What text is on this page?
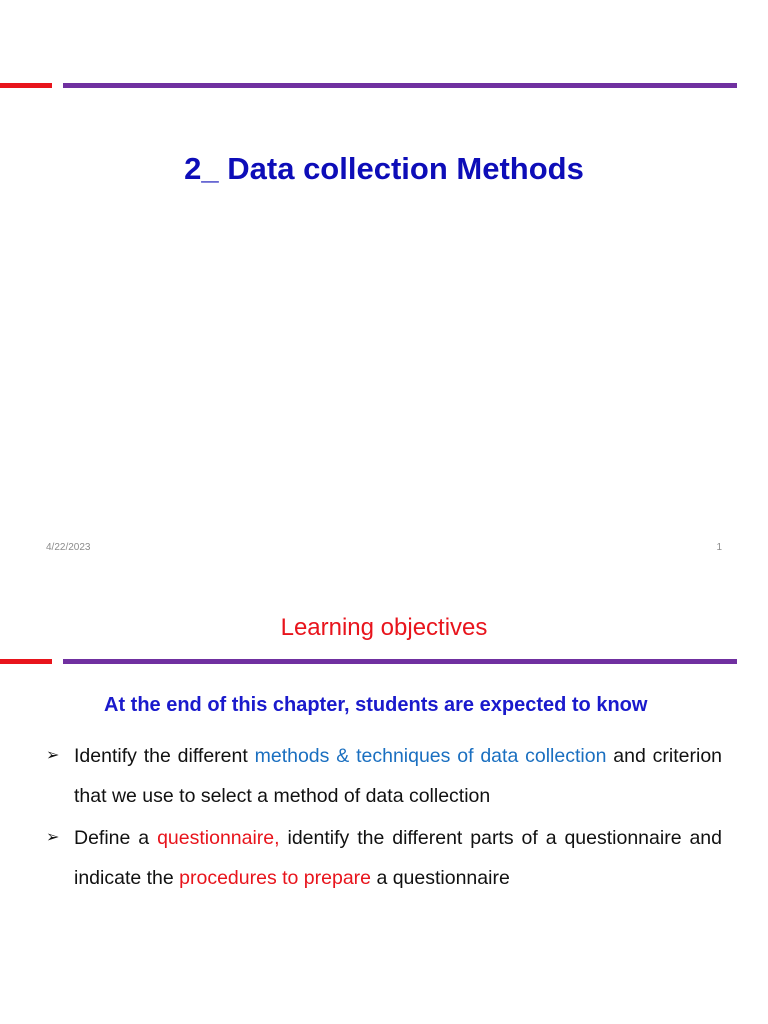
2_ Data collection Methods
4/22/2023	1
Learning objectives
At the end of this chapter, students are expected to know
➢ Identify the different methods & techniques of data collection and criterion that we use to select a method of data collection
➢ Define a questionnaire, identify the different parts of a questionnaire and indicate the procedures to prepare a questionnaire
